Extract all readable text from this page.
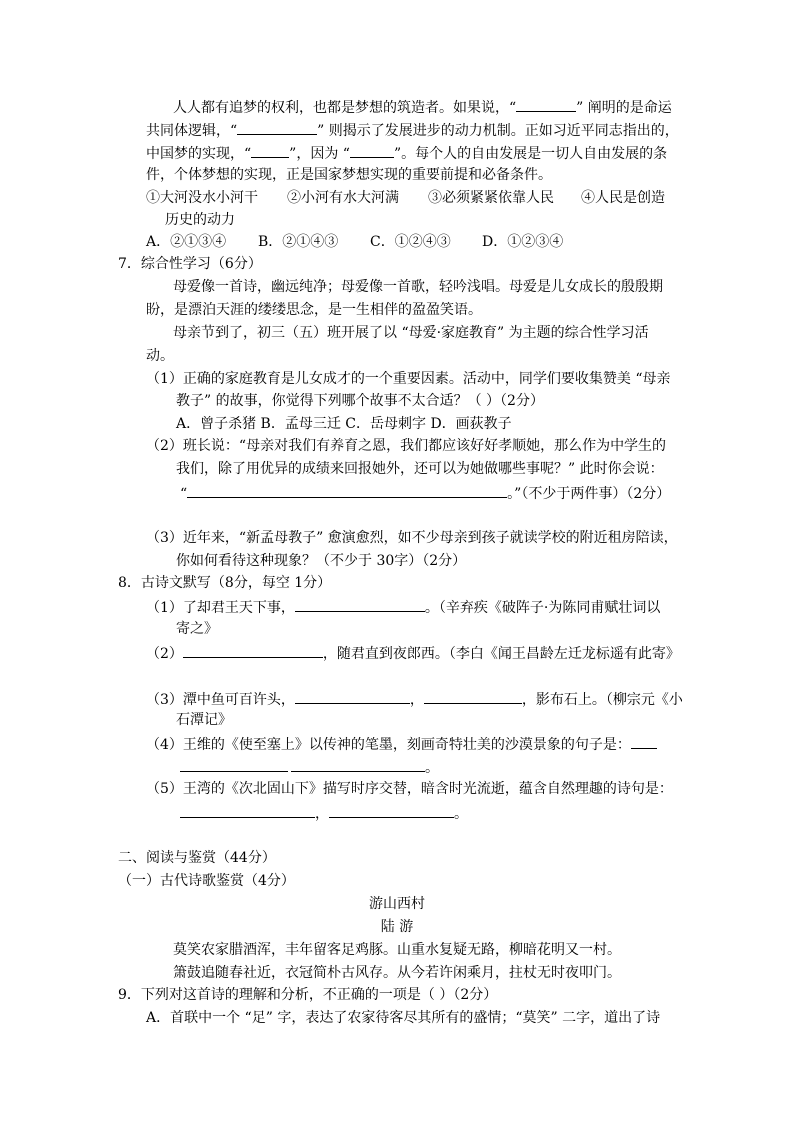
人人都有追梦的权利，也都是梦想的筑造者。如果说，“	” 阐明的是命运
共同体逻辑，“	” 则揭示了发展进步的动力机制。正如习近平同志指出的，
中国梦的实现，“	”，因为 “	”。每个人的自由发展是一切人自由发展的条
件，个体梦想的实现，正是国家梦想实现的重要前提和必备条件。
①大河没水小河干 ②小河有水大河满 ③必须紧紧依靠人民 ④人民是创造
历史的动力
A．②①③④ B．②①④③ C．①②④③ D．①②③④
7．综合性学习（6分）
母爱像一首诗，幽远纯净；母爱像一首歌，轻吟浅唱。母爱是儿女成长的殷殷期
盼，是漂泊天涯的缕缕思念，是一生相伴的盈盈笑语。
母亲节到了，初三（五）班开展了以 “母爱·家庭教育” 为主题的综合性学习活
动。
（1）正确的家庭教育是儿女成才的一个重要因素。活动中，同学们要收集赞美 “母亲
教子” 的故事，你觉得下列哪个故事不太合适？（ ）（2分）
A．曾子杀猪 B．孟母三迁 C．岳母刺字 D．画荻教子
（2）班长说：“母亲对我们有养育之恩，我们都应该好好孝顺她，那么作为中学生的
我们，除了用优异的成绩来回报她外，还可以为她做哪些事呢？” 此时你会说：
“	。”（不少于两件事）（2分）
（3）近年来，“新孟母教子” 愈演愈烈，如不少母亲到孩子就读学校的附近租房陪读，
你如何看待这种现象？（不少于 30字）（2分）
8．古诗文默写（8分，每空 1分）
（1）了却君王天下事，	。（辛弃疾《破阵子·为陈同甫赋壮词以
寄之》
（2）	，随君直到夜郎西。（李白《闻王昌龄左迁龙标遥有此寄》
（3）潭中鱼可百许头，	，	，影布石上。（柳宗元《小
石潭记》
（4）王维的《使至塞上》以传神的笔墨，刻画奇特壮美的沙漠景象的句子是：
。
（5）王湾的《次北固山下》描写时序交替，暗含时光流逝，蕴含自然理趣的诗句是：
，	。
二、阅读与鉴赏（44分）
（一）古代诗歌鉴赏（4分）
游山西村
陆 游
莫笑农家腊酒浑，丰年留客足鸡豚。山重水复疑无路，柳暗花明又一村。
箫鼓追随春社近，衣冠简朴古风存。从今若许闲乘月，拄杖无时夜叩门。
9．下列对这首诗的理解和分析，不正确的一项是（ ）（2分）
A．首联中一个 “足” 字，表达了农家待客尽其所有的盛情；“莫笑” 二字，道出了诗
